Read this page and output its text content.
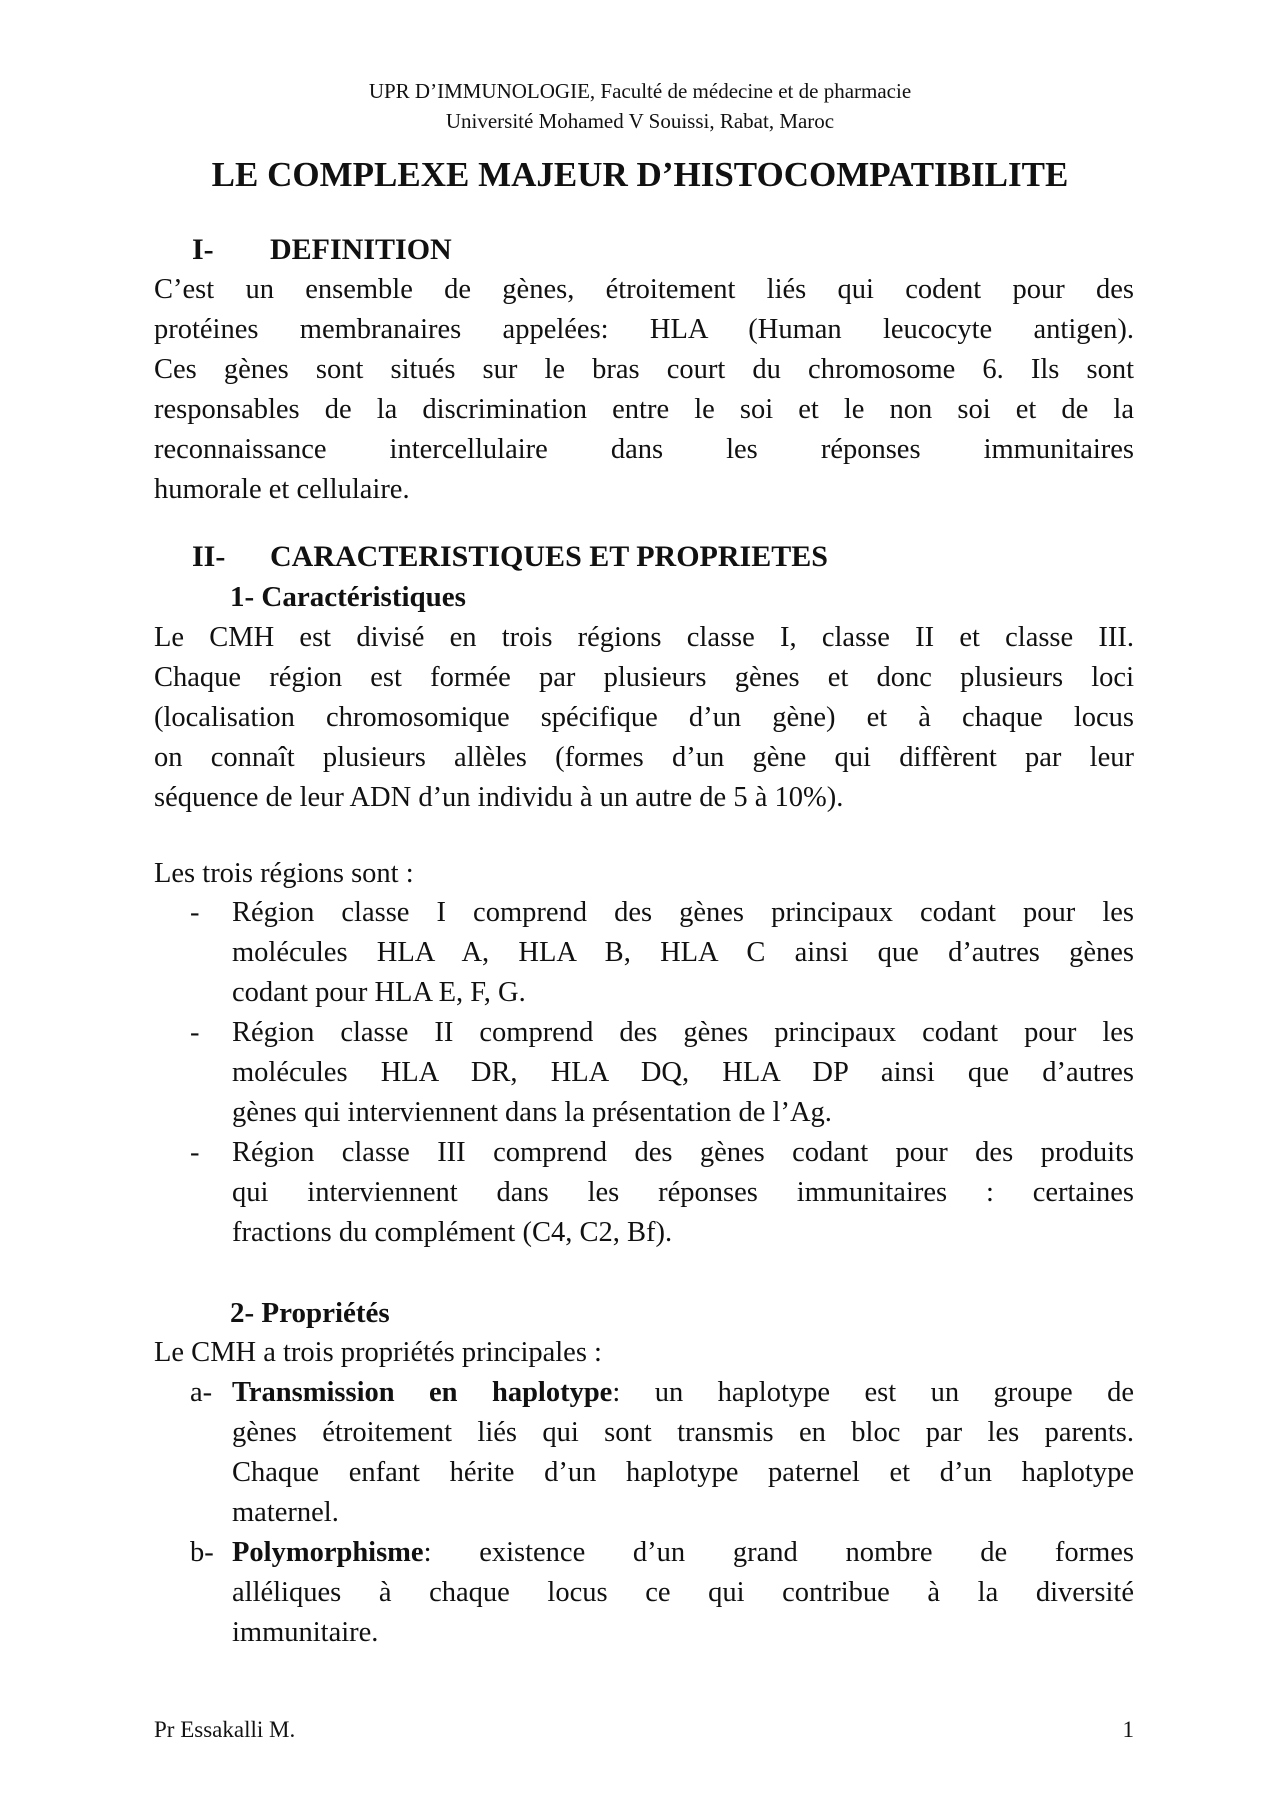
UPR D’IMMUNOLOGIE, Faculté de médecine et de pharmacie
Université Mohamed V Souissi, Rabat, Maroc
LE COMPLEXE MAJEUR D’HISTOCOMPATIBILITE
I- DEFINITION
C’est un ensemble de gènes, étroitement liés qui codent pour des
protéines membranaires appelées: HLA (Human leucocyte antigen).
Ces gènes sont situés sur le bras court du chromosome 6. Ils sont
responsables de la discrimination entre le soi et le non soi et de la
reconnaissance intercellulaire dans les réponses immunitaires
humorale et cellulaire.
II- CARACTERISTIQUES ET PROPRIETES
1- Caractéristiques
Le CMH est divisé en trois régions classe I, classe II et classe III.
Chaque région est formée par plusieurs gènes et donc plusieurs loci
(localisation chromosomique spécifique d’un gène) et à chaque locus
on connaît plusieurs allèles (formes d’un gène qui diffèrent par leur
séquence de leur ADN d’un individu à un autre de 5 à 10%).
Les trois régions sont :
- Région classe I comprend des gènes principaux codant pour les
molécules HLA A, HLA B, HLA C ainsi que d’autres gènes
codant pour HLA E, F, G.
- Région classe II comprend des gènes principaux codant pour les
molécules HLA DR, HLA DQ, HLA DP ainsi que d’autres
gènes qui interviennent dans la présentation de l’Ag.
- Région classe III comprend des gènes codant pour des produits
qui interviennent dans les réponses immunitaires : certaines
fractions du complément (C4, C2, Bf).
2- Propriétés
Le CMH a trois propriétés principales :
a- Transmission en haplotype: un haplotype est un groupe de
gènes étroitement liés qui sont transmis en bloc par les parents.
Chaque enfant hérite d’un haplotype paternel et d’un haplotype
maternel.
b- Polymorphisme: existence d’un grand nombre de formes
alléliques à chaque locus ce qui contribue à la diversité
immunitaire.
Pr Essakalli M.	1
